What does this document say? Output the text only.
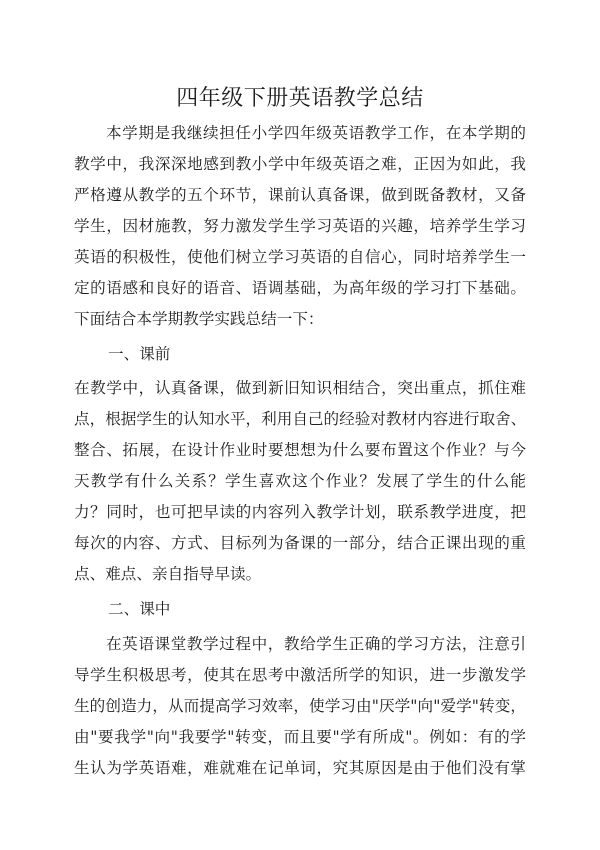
四年级下册英语教学总结
本学期是我继续担任小学四年级英语教学工作，在本学期的
教学中，我深深地感到教小学中年级英语之难，正因为如此，我
严格遵从教学的五个环节，课前认真备课，做到既备教材，又备
学生，因材施教，努力激发学生学习英语的兴趣，培养学生学习
英语的积极性，使他们树立学习英语的自信心，同时培养学生一
定的语感和良好的语音、语调基础，为高年级的学习打下基础。
下面结合本学期教学实践总结一下：
一、课前
在教学中，认真备课，做到新旧知识相结合，突出重点，抓住难
点，根据学生的认知水平，利用自己的经验对教材内容进行取舍、
整合、拓展，在设计作业时要想想为什么要布置这个作业？与今
天教学有什么关系？学生喜欢这个作业？发展了学生的什么能
力？同时，也可把早读的内容列入教学计划，联系教学进度，把
每次的内容、方式、目标列为备课的一部分，结合正课出现的重
点、难点、亲自指导早读。
二、课中
在英语课堂教学过程中，教给学生正确的学习方法，注意引
导学生积极思考，使其在思考中激活所学的知识，进一步激发学
生的创造力，从而提高学习效率，使学习由"厌学"向"爱学"转变，
由"要我学"向"我要学"转变，而且要"学有所成"。例如：有的学
生认为学英语难，难就难在记单词，究其原因是由于他们没有掌
